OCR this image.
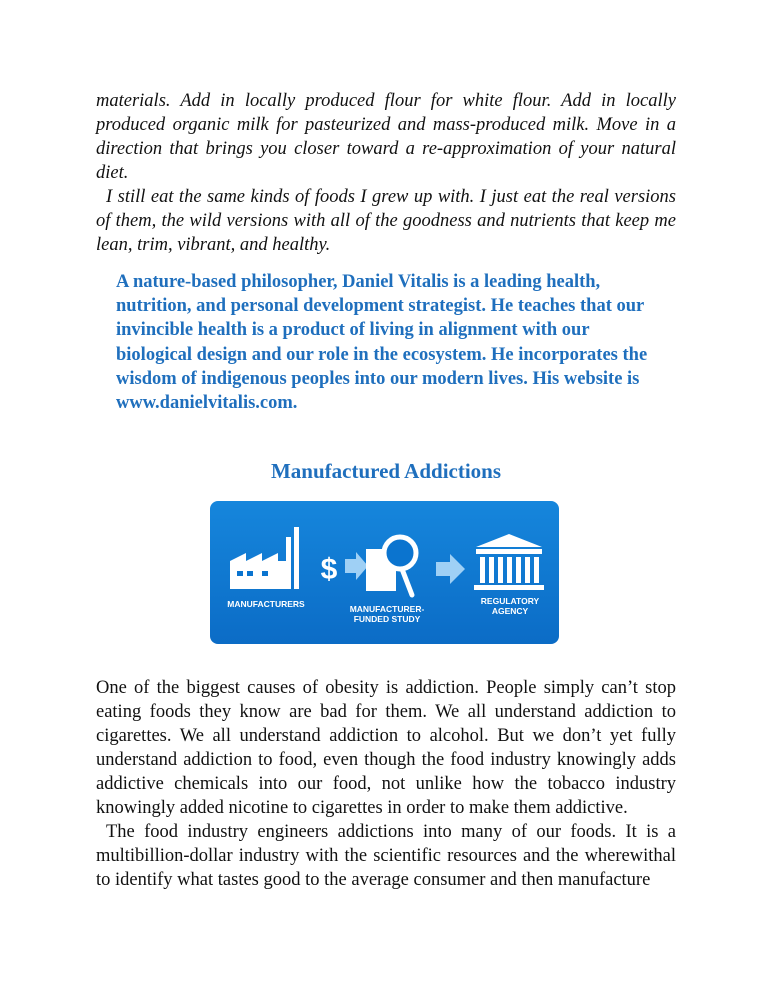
materials. Add in locally produced flour for white flour. Add in locally produced organic milk for pasteurized and mass-produced milk. Move in a direction that brings you closer toward a re-approximation of your natural diet.

I still eat the same kinds of foods I grew up with. I just eat the real versions of them, the wild versions with all of the goodness and nutrients that keep me lean, trim, vibrant, and healthy.

A nature-based philosopher, Daniel Vitalis is a leading health, nutrition, and personal development strategist. He teaches that our invincible health is a product of living in alignment with our biological design and our role in the ecosystem. He incorporates the wisdom of indigenous peoples into our modern lives. His website is www.danielvitalis.com.

Manufactured Addictions
$
MANUFACTURERS	MANUFACTURER-
FUNDED STUDY
REGULATORY
AGENCY

One of the biggest causes of obesity is addiction. People simply can’t stop eating foods they know are bad for them. We all understand addiction to cigarettes. We all understand addiction to alcohol. But we don’t yet fully understand addiction to food, even though the food industry knowingly adds addictive chemicals into our food, not unlike how the tobacco industry knowingly added nicotine to cigarettes in order to make them addictive.

The food industry engineers addictions into many of our foods. It is a multibillion-dollar industry with the scientific resources and the wherewithal to identify what tastes good to the average consumer and then manufacture
